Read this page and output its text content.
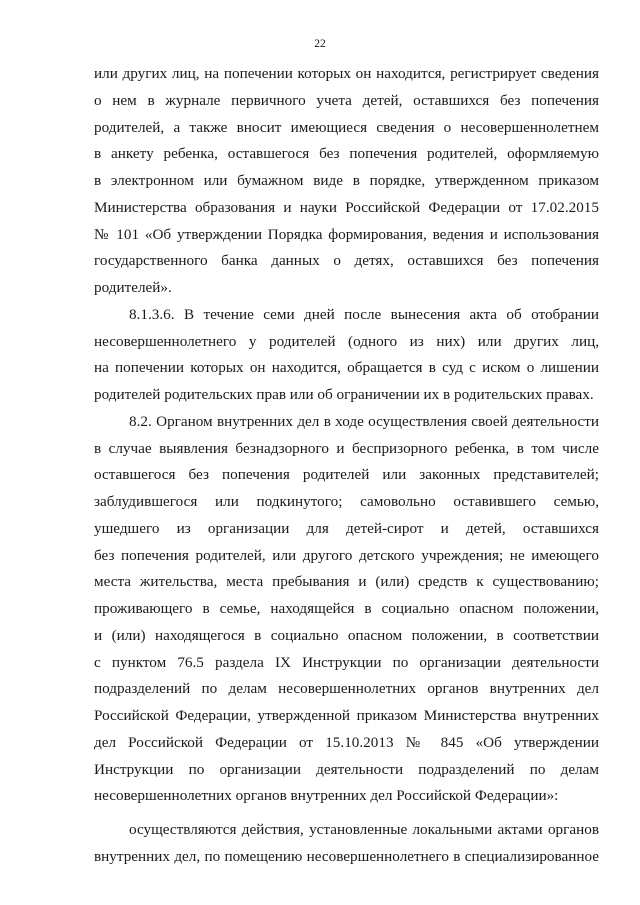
22
или других лиц, на попечении которых он находится, регистрирует сведения
о нем в журнале первичного учета детей, оставшихся без попечения
родителей, а также вносит имеющиеся сведения о несовершеннолетнем
в анкету ребенка, оставшегося без попечения родителей, оформляемую
в электронном или бумажном виде в порядке, утвержденном приказом
Министерства образования и науки Российской Федерации от 17.02.2015
№ 101 «Об утверждении Порядка формирования, ведения и использования
государственного банка данных о детях, оставшихся без попечения
родителей».
8.1.3.6. В течение семи дней после вынесения акта об отобрании
несовершеннолетнего у родителей (одного из них) или других лиц,
на попечении которых он находится, обращается в суд с иском о лишении
родителей родительских прав или об ограничении их в родительских правах.
8.2. Органом внутренних дел в ходе осуществления своей деятельности
в случае выявления безнадзорного и беспризорного ребенка, в том числе
оставшегося без попечения родителей или законных представителей;
заблудившегося или подкинутого; самовольно оставившего семью,
ушедшего из организации для детей-сирот и детей, оставшихся
без попечения родителей, или другого детского учреждения; не имеющего
места жительства, места пребывания и (или) средств к существованию;
проживающего в семье, находящейся в социально опасном положении,
и (или) находящегося в социально опасном положении, в соответствии
с пунктом 76.5 раздела IX Инструкции по организации деятельности
подразделений по делам несовершеннолетних органов внутренних дел
Российской Федерации, утвержденной приказом Министерства внутренних
дел Российской Федерации от 15.10.2013 № 845 «Об утверждении
Инструкции по организации деятельности подразделений по делам
несовершеннолетних органов внутренних дел Российской Федерации»:
осуществляются действия, установленные локальными актами органов
внутренних дел, по помещению несовершеннолетнего в специализированное
